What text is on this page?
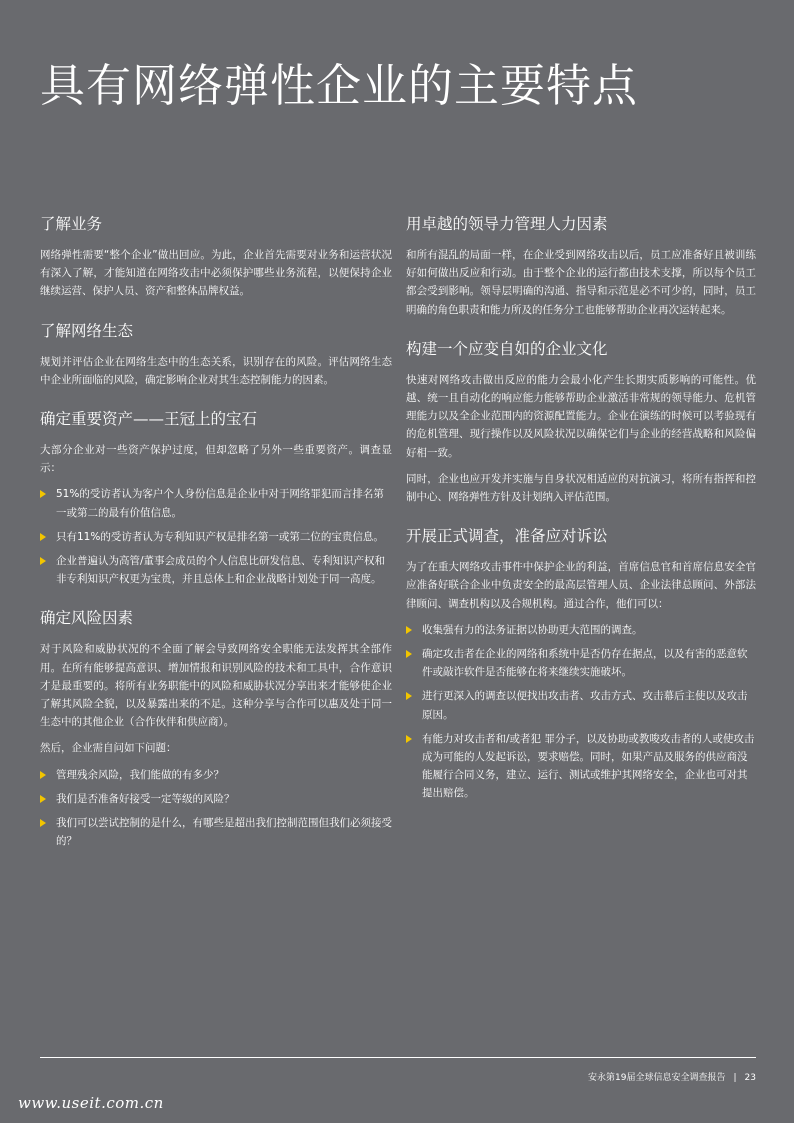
具有网络弹性企业的主要特点
了解业务

网络弹性需要“整个企业”做出回应。为此，企业首先需要对业务和运营状况有深入了解，才能知道在网络攻击中必须保护哪些业务流程，以便保持企业继续运营、保护人员、资产和整体品牌权益。

了解网络生态

规划并评估企业在网络生态中的生态关系，识别存在的风险。评估网络生态中企业所面临的风险，确定影响企业对其生态控制能力的因素。

确定重要资产——王冠上的宝石

大部分企业对一些资产保护过度，但却忽略了另外一些重要资产。调查显示：

51%的受访者认为客户个人身份信息是企业中对于网络罪犯而言排名第一或第二的最有价值信息。
只有11%的受访者认为专利知识产权是排名第一或第二位的宝贵信息。
企业普遍认为高管/董事会成员的个人信息比研发信息、专利知识产权和非专利知识产权更为宝贵，并且总体上和企业战略计划处于同一高度。
确定风险因素

对于风险和威胁状况的不全面了解会导致网络安全职能无法发挥其全部作用。在所有能够提高意识、增加情报和识别风险的技术和工具中，合作意识才是最重要的。将所有业务职能中的风险和威胁状况分享出来才能够使企业了解其风险全貌，以及暴露出来的不足。这种分享与合作可以惠及处于同一生态中的其他企业（合作伙伴和供应商）。

然后，企业需自问如下问题：

管理残余风险，我们能做的有多少？
我们是否准备好接受一定等级的风险？
我们可以尝试控制的是什么，有哪些是超出我们控制范围但我们必须接受的？
用卓越的领导力管理人力因素

和所有混乱的局面一样，在企业受到网络攻击以后，员工应准备好且被训练好如何做出反应和行动。由于整个企业的运行都由技术支撑，所以每个员工都会受到影响。领导层明确的沟通、指导和示范是必不可少的，同时，员工明确的角色职责和能力所及的任务分工也能够帮助企业再次运转起来。

构建一个应变自如的企业文化

快速对网络攻击做出反应的能力会最小化产生长期实质影响的可能性。优越、统一且自动化的响应能力能够帮助企业激活非常规的领导能力、危机管理能力以及全企业范围内的资源配置能力。企业在演练的时候可以考验现有的危机管理、现行操作以及风险状况以确保它们与企业的经营战略和风险偏好相一致。

同时，企业也应开发并实施与自身状况相适应的对抗演习，将所有指挥和控制中心、网络弹性方针及计划纳入评估范围。

开展正式调查，准备应对诉讼

为了在重大网络攻击事件中保护企业的利益，首席信息官和首席信息安全官应准备好联合企业中负责安全的最高层管理人员、企业法律总顾问、外部法律顾问、调查机构以及合规机构。通过合作，他们可以：

收集强有力的法务证据以协助更大范围的调查。
确定攻击者在企业的网络和系统中是否仍存在据点，以及有害的恶意软件或敲诈软件是否能够在将来继续实施破坏。
进行更深入的调查以便找出攻击者、攻击方式、攻击幕后主使以及攻击原因。
有能力对攻击者和/或者犯 罪分子，以及协助或教唆攻击者的人或使攻击成为可能的人发起诉讼，要求赔偿。同时，如果产品及服务的供应商没能履行合同义务，建立、运行、测试或维护其网络安全，企业也可对其提出赔偿。
安永第19届全球信息安全调查报告 | 23
www.useit.com.cn
